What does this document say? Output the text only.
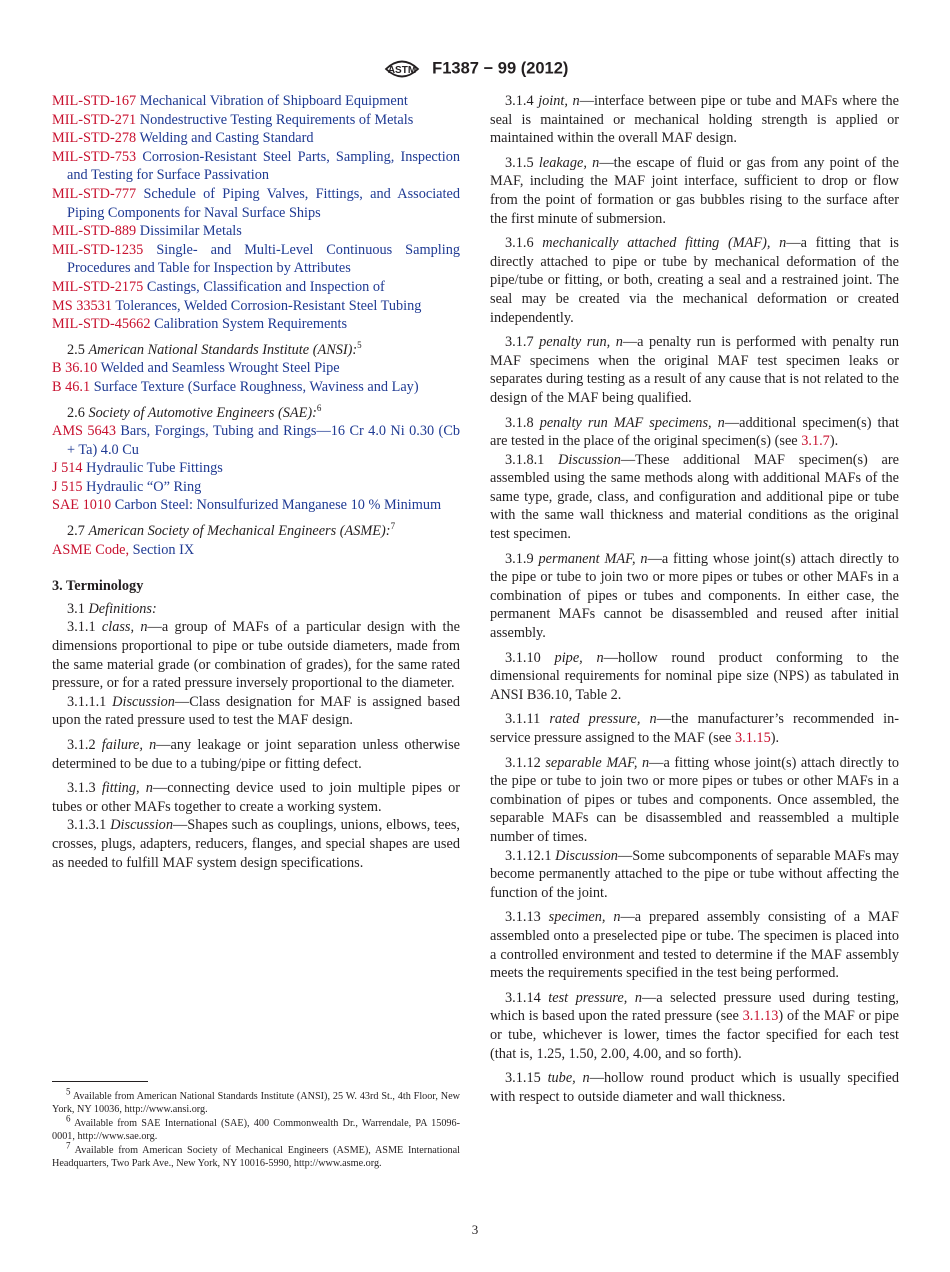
ASTM F1387 − 99 (2012)
MIL-STD-167 Mechanical Vibration of Shipboard Equipment
MIL-STD-271 Nondestructive Testing Requirements of Metals
MIL-STD-278 Welding and Casting Standard
MIL-STD-753 Corrosion-Resistant Steel Parts, Sampling, Inspection and Testing for Surface Passivation
MIL-STD-777 Schedule of Piping Valves, Fittings, and Associated Piping Components for Naval Surface Ships
MIL-STD-889 Dissimilar Metals
MIL-STD-1235 Single- and Multi-Level Continuous Sampling Procedures and Table for Inspection by Attributes
MIL-STD-2175 Castings, Classification and Inspection of
MS 33531 Tolerances, Welded Corrosion-Resistant Steel Tubing
MIL-STD-45662 Calibration System Requirements
2.5 American National Standards Institute (ANSI):$^5$
B 36.10 Welded and Seamless Wrought Steel Pipe
B 46.1 Surface Texture (Surface Roughness, Waviness and Lay)
2.6 Society of Automotive Engineers (SAE):$^6$
AMS 5643 Bars, Forgings, Tubing and Rings—16 Cr 4.0 Ni 0.30 (Cb + Ta) 4.0 Cu
J 514 Hydraulic Tube Fittings
J 515 Hydraulic “O” Ring
SAE 1010 Carbon Steel: Nonsulfurized Manganese 10 % Minimum
2.7 American Society of Mechanical Engineers (ASME):$^7$
ASME Code, Section IX
3. Terminology

3.1 Definitions:

3.1.1 class, n—a group of MAFs of a particular design with the dimensions proportional to pipe or tube outside diameters, made from the same material grade (or combination of grades), for the same rated pressure, or for a rated pressure inversely proportional to the diameter.

3.1.1.1 Discussion—Class designation for MAF is assigned based upon the rated pressure used to test the MAF design.

3.1.2 failure, n—any leakage or joint separation unless otherwise determined to be due to a tubing/pipe or fitting defect.

3.1.3 fitting, n—connecting device used to join multiple pipes or tubes or other MAFs together to create a working system.

3.1.3.1 Discussion—Shapes such as couplings, unions, elbows, tees, crosses, plugs, adapters, reducers, flanges, and special shapes are used as needed to fulfill MAF system design specifications.

3.1.4 joint, n—interface between pipe or tube and MAFs where the seal is maintained or mechanical holding strength is applied or maintained within the overall MAF design.

3.1.5 leakage, n—the escape of fluid or gas from any point of the MAF, including the MAF joint interface, sufficient to drop or flow from the point of formation or gas bubbles rising to the surface after the first minute of submersion.

3.1.6 mechanically attached fitting (MAF), n—a fitting that is directly attached to pipe or tube by mechanical deformation of the pipe/tube or fitting, or both, creating a seal and a restrained joint. The seal may be created via the mechanical deformation or created independently.

3.1.7 penalty run, n—a penalty run is performed with penalty run MAF specimens when the original MAF test specimen leaks or separates during testing as a result of any cause that is not related to the design of the MAF being qualified.

3.1.8 penalty run MAF specimens, n—additional specimen(s) that are tested in the place of the original specimen(s) (see 3.1.7).

3.1.8.1 Discussion—These additional MAF specimen(s) are assembled using the same methods along with additional MAFs of the same type, grade, class, and configuration and additional pipe or tube with the same wall thickness and material conditions as the original test specimen.

3.1.9 permanent MAF, n—a fitting whose joint(s) attach directly to the pipe or tube to join two or more pipes or tubes or other MAFs in a combination of pipes or tubes and components. In either case, the permanent MAFs cannot be disassembled and reused after initial assembly.

3.1.10 pipe, n—hollow round product conforming to the dimensional requirements for nominal pipe size (NPS) as tabulated in ANSI B36.10, Table 2.

3.1.11 rated pressure, n—the manufacturer’s recommended in-service pressure assigned to the MAF (see 3.1.15).

3.1.12 separable MAF, n—a fitting whose joint(s) attach directly to the pipe or tube to join two or more pipes or tubes or other MAFs in a combination of pipes or tubes and components. Once assembled, the separable MAFs can be disassembled and reassembled a multiple number of times.

3.1.12.1 Discussion—Some subcomponents of separable MAFs may become permanently attached to the pipe or tube without affecting the function of the joint.

3.1.13 specimen, n—a prepared assembly consisting of a MAF assembled onto a preselected pipe or tube. The specimen is placed into a controlled environment and tested to determine if the MAF assembly meets the requirements specified in the test being performed.

3.1.14 test pressure, n—a selected pressure used during testing, which is based upon the rated pressure (see 3.1.13) of the MAF or pipe or tube, whichever is lower, times the factor specified for each test (that is, 1.25, 1.50, 2.00, 4.00, and so forth).

3.1.15 tube, n—hollow round product which is usually specified with respect to outside diameter and wall thickness.

$^5$ Available from American National Standards Institute (ANSI), 25 W. 43rd St., 4th Floor, New York, NY 10036, http://www.ansi.org.

$^6$ Available from SAE International (SAE), 400 Commonwealth Dr., Warrendale, PA 15096-0001, http://www.sae.org.

$^7$ Available from American Society of Mechanical Engineers (ASME), ASME International Headquarters, Two Park Ave., New York, NY 10016-5990, http://www.asme.org.

3
